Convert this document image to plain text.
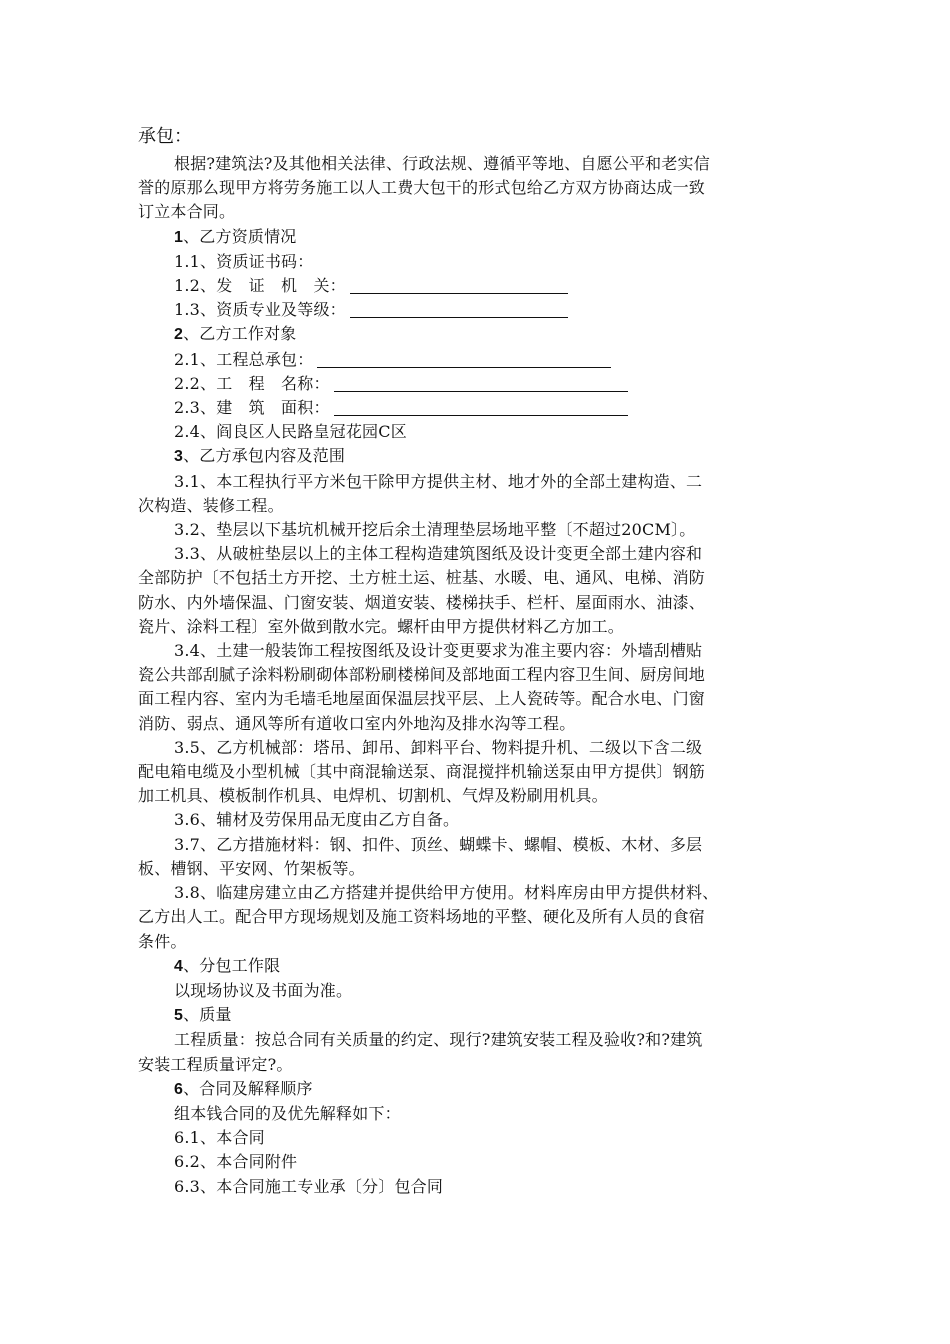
承包：
根据?建筑法?及其他相关法律、行政法规、遵循平等地、自愿公平和老实信
誉的原那么现甲方将劳务施工以人工费大包干的形式包给乙方双方协商达成一致
订立本合同。
1、乙方资质情况
1.1、资质证书码：
1.2、发　证　机　关：
1.3、资质专业及等级：
2、乙方工作对象
2.1、工程总承包：
2.2、工　程　名称：
2.3、建　筑　面积：
2.4、阎良区人民路皇冠花园C区
3、乙方承包内容及范围
3.1、本工程执行平方米包干除甲方提供主材、地才外的全部土建构造、二
次构造、装修工程。
3.2、垫层以下基坑机械开挖后余土清理垫层场地平整〔不超过20CM〕。
3.3、从破桩垫层以上的主体工程构造建筑图纸及设计变更全部土建内容和
全部防护〔不包括土方开挖、土方桩土运、桩基、水暖、电、通风、电梯、消防
防水、内外墙保温、门窗安装、烟道安装、楼梯扶手、栏杆、屋面雨水、油漆、
瓷片、涂料工程〕室外做到散水完。螺杆由甲方提供材料乙方加工。
3.4、土建一般装饰工程按图纸及设计变更要求为准主要内容：外墙刮槽贴
瓷公共部刮腻子涂料粉刷砌体部粉刷楼梯间及部地面工程内容卫生间、厨房间地
面工程内容、室内为毛墙毛地屋面保温层找平层、上人瓷砖等。配合水电、门窗
消防、弱点、通风等所有道收口室内外地沟及排水沟等工程。
3.5、乙方机械部：塔吊、卸吊、卸料平台、物料提升机、二级以下含二级
配电箱电缆及小型机械〔其中商混输送泵、商混搅拌机输送泵由甲方提供〕钢筋
加工机具、模板制作机具、电焊机、切割机、气焊及粉刷用机具。
3.6、辅材及劳保用品无度由乙方自备。
3.7、乙方措施材料：钢、扣件、顶丝、蝴蝶卡、螺帽、模板、木材、多层
板、槽钢、平安网、竹架板等。
3.8、临建房建立由乙方搭建并提供给甲方使用。材料库房由甲方提供材料、
乙方出人工。配合甲方现场规划及施工资料场地的平整、硬化及所有人员的食宿
条件。
4、分包工作限
以现场协议及书面为准。
5、质量
工程质量：按总合同有关质量的约定、现行?建筑安装工程及验收?和?建筑
安装工程质量评定?。
6、合同及解释顺序
组本钱合同的及优先解释如下：
6.1、本合同
6.2、本合同附件
6.3、本合同施工专业承〔分〕包合同
